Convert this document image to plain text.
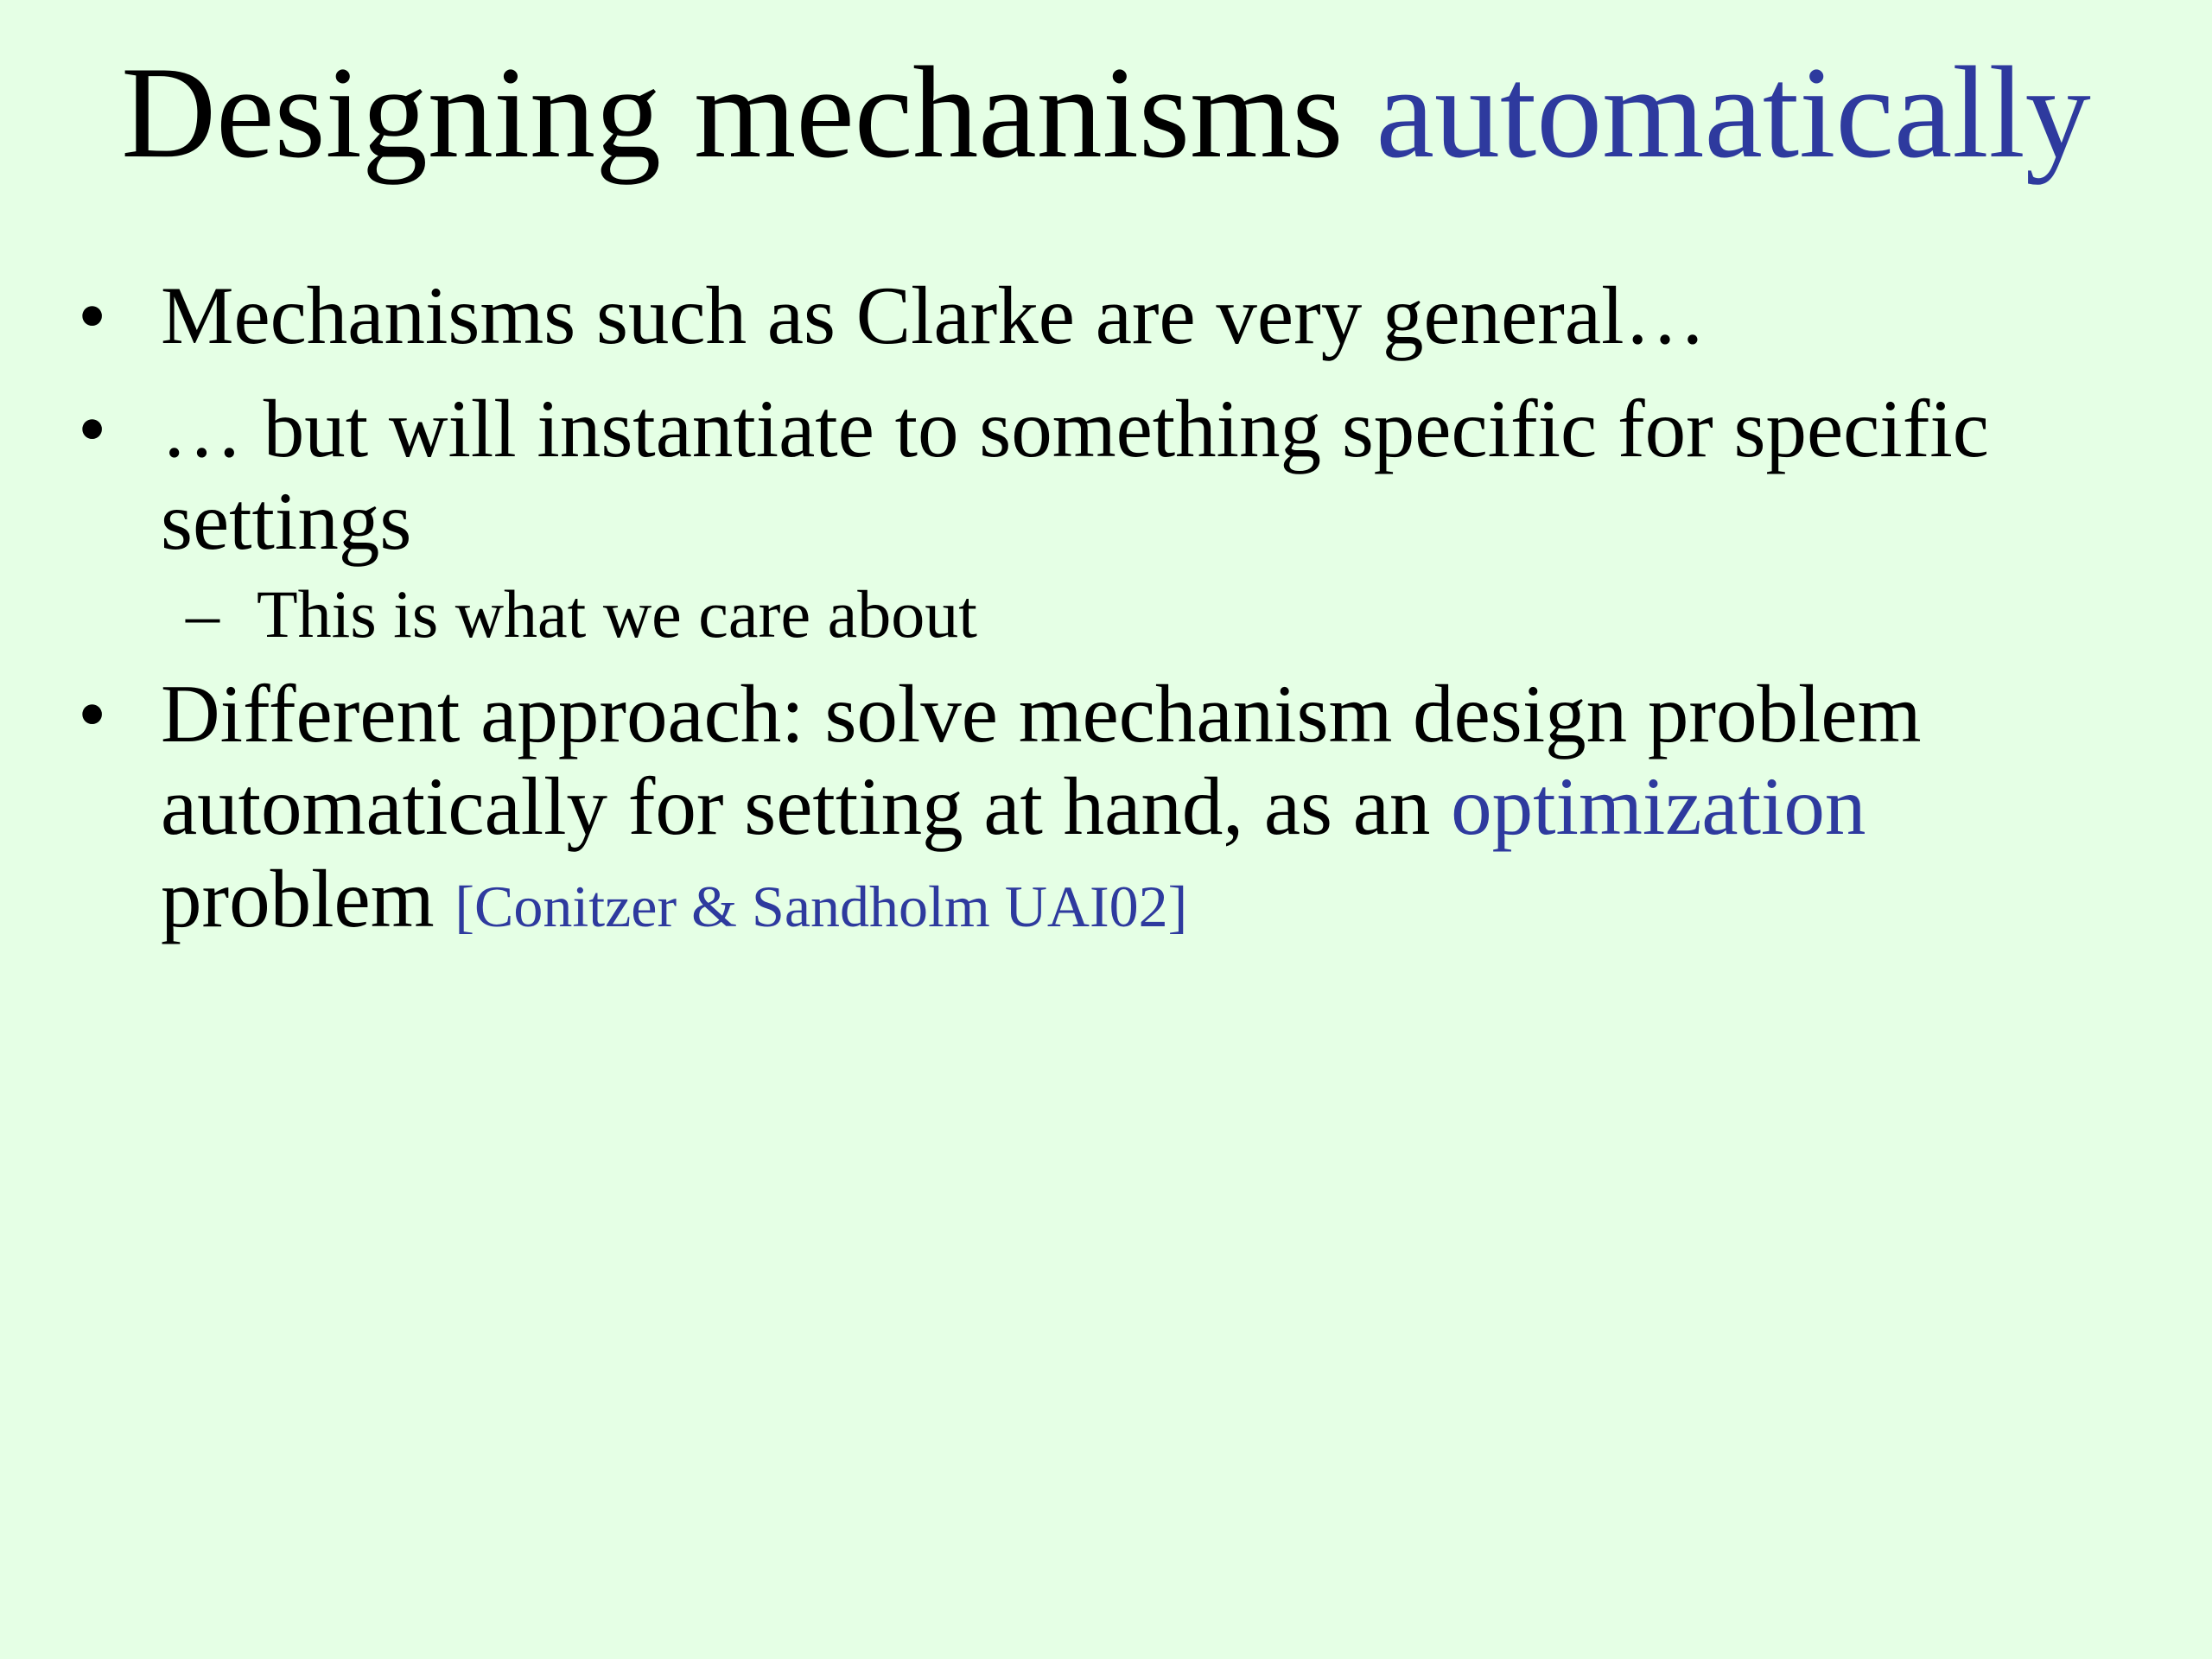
Designing mechanisms automatically
• Mechanisms such as Clarke are very general…
• … but will instantiate to something specific for specific settings
– This is what we care about
• Different approach: solve mechanism design problem automatically for setting at hand, as an optimization problem [Conitzer & Sandholm UAI02]
